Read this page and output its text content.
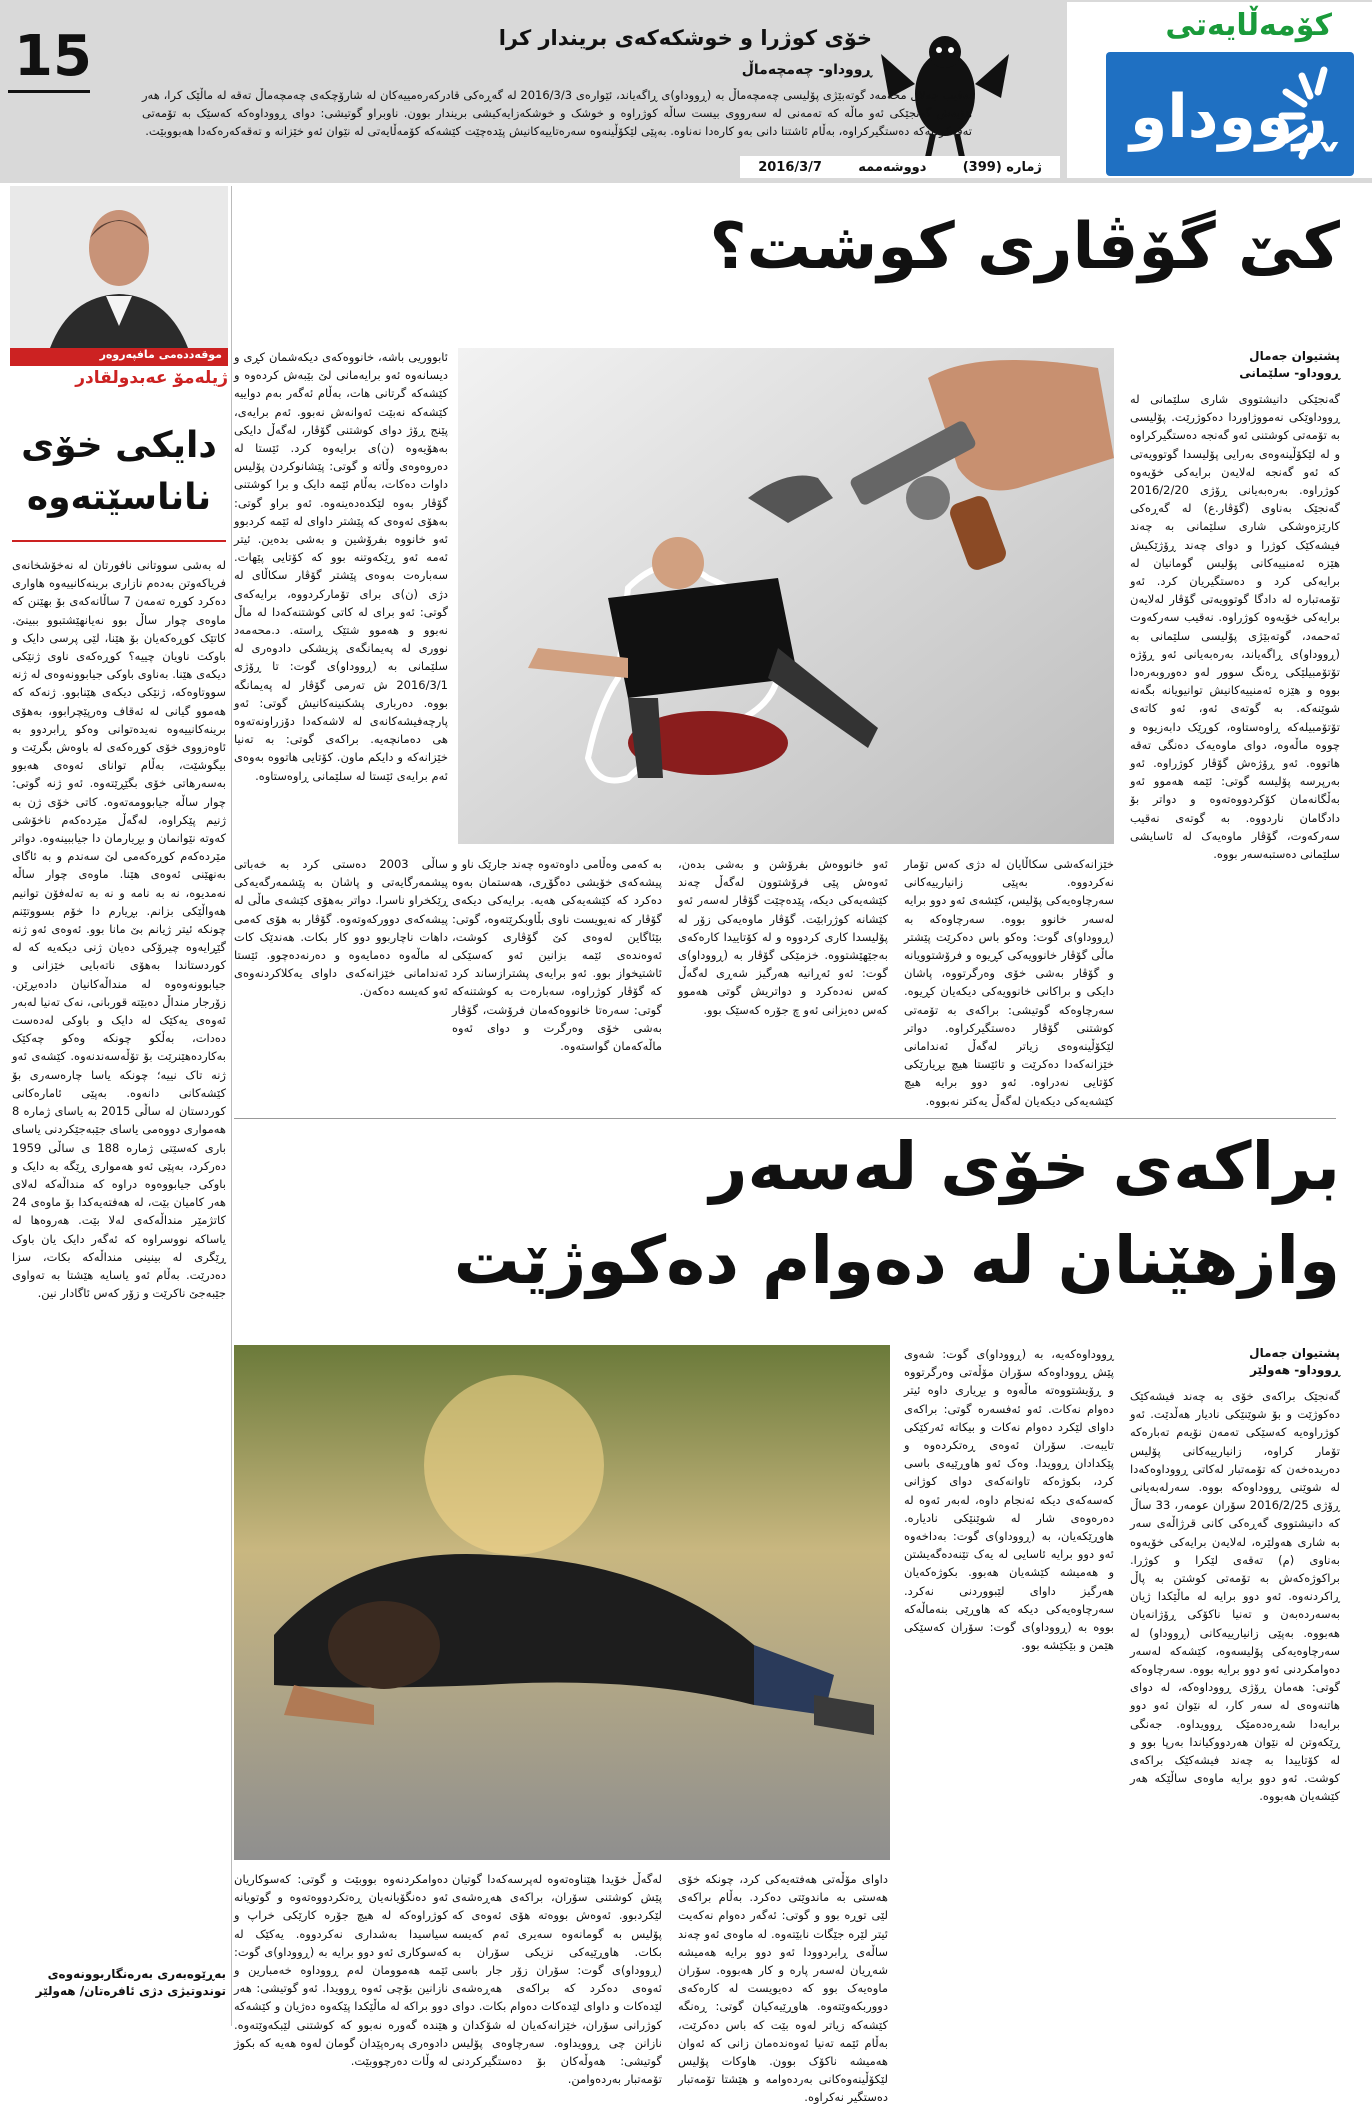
کۆمەڵایەتی
ڕووداو
15	خۆی کوژرا و خوشکەکەی بریندار کرا
ڕووداو- چەمچەماڵ
نەقیب جەلال محەمەد گوتەبێژی پۆلیسی چەمچەماڵ بە (ڕووداو)ی ڕاگەیاند، ئێوارەی 2016/3/3 لە گەڕەکی قادرکەرەمییەکان لە شارۆچکەی چەمچەماڵ تەقە لە ماڵێک کرا، هەر هۆیەش گەنجێکی ئەو ماڵە کە تەمەنی لە سەرووی بیست ساڵە کوژراوە و خوشک و خوشکەزایەکیشی بریندار بوون. ناوبراو گوتیشی: دوای ڕووداوەکە کەسێک بە تۆمەتی تەقەکردنەکە دەستگیرکراوە، بەڵام ئاشتنا دانی بەو کارەدا نەناوە. بەپێی لێکۆڵینەوە سەرەتاییەکانیش پێدەچێت کێشەکە کۆمەڵایەتی لە نێوان ئەو خێزانە و تەقەکەرەکەدا هەبووبێت.
ژمارە (399)
دووشەممە
2016/3/7
موقەددەمی مافپەروەر
ژیلەمۆ عەبدولقادر
دایکی خۆی ناناسێتەوە
لە بەشی سووتانی نافورتان لە نەخۆشخانەی فریاکەوتن بەدەم نازاری برینەکانییەوە هاواری دەکرد کوڕە تەمەن 7 ساڵانەکەی بۆ بهێنن کە ماوەی چوار ساڵ بوو نەیانهێشتبوو ببینێ. کاتێک کوڕەکەیان بۆ هێنا، لێی پرسی دایک و باوکت ناویان چییە؟ کوڕەکەی ناوی ژنێکی دیکەی هێنا. بەناوی باوکی جیابوونەوەی لە ژنە سووتاوەکە، ژنێکی دیکەی هێنابوو. ژنەکە کە هەموو گیانی لە ئەقاف وەرپێچرابوو، بەهۆی برینەکانییەوە نەیدەتوانی وەکو ڕابردوو بە ئاوەزووی خۆی کوڕەکەی لە باوەش بگرێت و بیگوشێت، بەڵام توانای ئەوەی هەبوو بەسەرهاتی خۆی بگێڕێتەوە. ئەو ژنە گوتی: چوار ساڵە جیابوومەتەوە. کاتی خۆی ژن بە ژنیم پێکراوە، لەگەڵ مێردەکەم ناخۆشی کەوتە نێوانمان و بڕیارمان دا جیاببینەوە. دواتر مێردەکەم کوڕەکەمی لێ سەندم و بە ئاگای بەنهێنی ئەوەی هێنا. ماوەی چوار ساڵە نەمدیوە، نە بە نامە و نە بە تەلەفۆن توانیم هەواڵێکی بزانم. بڕیارم دا خۆم بسووتێنم چونکە ئیتر ژیانم بێ مانا بوو. ئەوەی ئەو ژنە گێڕایەوە چیرۆکی دەیان ژنی دیکەیە کە لە کوردستاندا بەهۆی ناتەبایی خێزانی و جیابوونەوەوە لە منداڵەکانیان دادەبڕێن. زۆرجار منداڵ دەبێتە قوربانی، نەک تەنیا لەبەر ئەوەی یەکێک لە دایک و باوکی لەدەست دەدات، بەڵکو چونکە وەکو چەکێک بەکاردەهێنرێت بۆ تۆڵەسەندنەوە. کێشەی ئەو ژنە تاک نییە؛ چونکە یاسا چارەسەری بۆ کێشەکانی دانەوە. بەپێی ئامارەکانی کوردستان لە ساڵی 2015 بە یاسای ژمارە 8 هەمواری دووەمی یاسای جێبەجێکردنی یاسای باری کەسێتی ژمارە 188 ی ساڵی 1959 دەرکرد، بەپێی ئەو هەمواری ڕێگە بە دایک و باوکی جیابووەوە دراوە کە منداڵەکە لەلای هەر کامیان بێت، لە هەفتەیەکدا بۆ ماوەی 24 کاتژمێر منداڵەکەی لەلا بێت. هەروەها لە یاساکە نووسراوە کە ئەگەر دایک یان باوک ڕێگری لە بینینی منداڵەکە بکات، سزا دەدرێت. بەڵام ئەو یاسایە هێشتا بە تەواوی جێبەجێ ناکرێت و زۆر کەس ئاگادار نین.
بەڕێوەبەری بەرەنگاربوونەوەی توندوتیژی دژی ئافرەتان/ هەولێر
کێ گۆڤاری کوشت؟
پشتیوان جەمال
ڕووداو- سلێمانی
گەنجێکی دانیشتووی شاری سلێمانی لە ڕووداوێکی نەمووژاوردا دەکوژرێت. پۆلیسی بە تۆمەتی کوشتنی ئەو گەنجە دەستگیرکراوە و لە لێکۆڵینەوەی بەرایی پۆلیسدا گوتوویەتی کە ئەو گەنجە لەلایەن برایەکی خۆیەوە کوژراوە. بەرەبەیانی ڕۆژی 2016/2/20 گەنجێک بەناوی (گۆڤار.ع) لە گەڕەکی کارێزەوشکی شاری سلێمانی بە چەند فیشەکێک کوژرا و دوای چەند ڕۆژێکیش هێزە ئەمنییەکانی پۆلیس گومانیان لە برایەکی کرد و دەستگیریان کرد. ئەو تۆمەتبارە لە دادگا گوتوویەتی گۆڤار لەلایەن برایەکی خۆیەوە کوژراوە. نەقیب سەرکەوت ئەحمەد، گوتەبێژی پۆلیسی سلێمانی بە (ڕووداو)ی ڕاگەیاند، بەرەبەیانی ئەو ڕۆژە تۆتۆمبیلێکی ڕەنگ سوور لەو دەوروبەرەدا بووە و هێزە ئەمنییەکانیش توانیویانە بگەنە شوێنەکە. بە گوتەی ئەو، ئەو کاتەی تۆتۆمبیلەکە ڕاوەستاوە، کوڕێک دابەزیوە و چووە ماڵەوە، دوای ماوەیەک دەنگی تەقە هاتووە. ئەو ڕۆژەش گۆڤار کوژراوە. ئەو بەرپرسە پۆلیسە گوتی: ئێمە هەموو ئەو بەڵگانەمان کۆکردووەتەوە و دواتر بۆ دادگامان ناردووە. بە گوتەی نەقیب سەرکەوت، گۆڤار ماوەیەک لە ئاسایشی سلێمانی دەستبەسەر بووە.
خێزانەکەشی سکاڵایان لە دژی کەس تۆمار نەکردووە. بەپێی زانیارییەکانی سەرچاوەیەکی پۆلیس، کێشەی ئەو دوو برایە لەسەر خانوو بووە. سەرچاوەکە بە (ڕووداو)ی گوت: وەکو باس دەکرێت پێشتر ماڵی گۆڤار خانوویەکی کڕیوە و فرۆشتوویانە و گۆڤار بەشی خۆی وەرگرتووە، پاشان دایکی و براکانی خانوویەکی دیکەیان کڕیوە. سەرچاوەکە گوتیشی: براکەی بە تۆمەتی کوشتنی گۆڤار دەستگیرکراوە. دواتر لێکۆڵینەوەی زیاتر لەگەڵ ئەندامانی خێزانەکەدا دەکرێت و تائێستا هیچ بڕیارێکی کۆتایی نەدراوە. ئەو دوو برایە هیچ کێشەیەکی دیکەیان لەگەڵ یەکتر نەبووە.
ئەو خانووەش بفرۆشن و بەشی بدەن، ئەوەش پێی فرۆشتوون لەگەڵ چەند کێشەیەکی دیکە، پێدەچێت گۆڤار لەسەر ئەو کێشانە کوژرابێت. گۆڤار ماوەیەکی زۆر لە پۆلیسدا کاری کردووە و لە کۆتاییدا کارەکەی بەجێهێشتووە. خزمێکی گۆڤار بە (ڕووداو)ی گوت: ئەو ئەڕانیە هەرگیز شەڕی لەگەڵ کەس نەدەکرد و دواتریش گوتی هەموو کەس دەیزانی ئەو چ جۆرە کەسێک بوو.
بە کەمی وەڵامی داوەتەوە چەند جارێک ناو و پیشەکەی خۆیشی دەگۆڕی، هەستمان بەوە دەکرد کە کێشەیەکی هەیە. برایەکی دیکەی گۆڤار کە نەیویست ناوی بڵاوبکرێتەوە، گوتی: بێئاگاین لەوەی کێ گۆڤاری کوشت، ئەوەندەی ئێمە بزانین ئەو کەسێکی ئاشتیخواز بوو. ئەو برایەی پشترازساند کرد کە گۆڤار کوژراوە، سەبارەت بە کوشتنەکە گوتی: سەرەتا خانووەکەمان فرۆشت، گۆڤار بەشی خۆی وەرگرت و دوای ئەوە ماڵەکەمان گواستەوە.
ئابووریی باشە، خانووەکەی دیکەشمان کڕی و دیسانەوە ئەو برایەمانی لێ بێبەش کردەوە و کێشەکە گرتانی هات، بەڵام ئەگەر بەم دواییە کێشەکە نەبێت ئەوانەش نەبوو. ئەم برایەی، پێنج ڕۆژ دوای کوشتنی گۆڤار، لەگەڵ دایکی بەهۆیەوە (ن)ی برایەوە کرد. ئێستا لە دەروەوەی وڵاتە و گوتی: پێشانوکردن پۆلیس داوات دەکات، بەڵام ئێمە دایک و برا کوشتنی گۆڤار بەوە لێکدەدەینەوە. ئەو براو گوتی: بەهۆی ئەوەی کە پێشتر داوای لە ئێمە کردبوو ئەو خانووە بفرۆشین و بەشی بدەین. ئیتر ئەمە ئەو ڕێکەوتنە بوو کە کۆتایی پێهات. سەبارەت بەوەی پێشتر گۆڤار سکاڵای لە دژی (ن)ی برای تۆمارکردووە، برایەکەی گوتی: ئەو برای لە کاتی کوشتنەکەدا لە ماڵ نەبوو و هەموو شتێک ڕاستە. د.محەمەد نووری لە پەیمانگەی پزیشکی دادوەری لە سلێمانی بە (ڕووداو)ی گوت: تا ڕۆژی 2016/3/1 ش تەرمی گۆڤار لە پەیمانگە بووە. دەرباری پشکنینەکانیش گوتی: ئەو پارچەفیشەکانەی لە لاشەکەدا دۆزراونەتەوە هی دەمانچەیە. براکەی گوتی: بە تەنیا خێزانەکە و دایکم ماون. کۆتایی هاتووە بەوەی ئەم برایەی ئێستا لە سلێمانی ڕاوەستاوە.
ساڵی 2003 دەستی کرد بە خەباتی پیشمەرگایەتی و پاشان بە پێشمەرگەیەکی ڕێکخراو ناسرا. دواتر بەهۆی کێشەی ماڵی لە پیشەکەی دوورکەوتەوە. گۆڤار بە هۆی کەمی داهات ناچاربوو دوو کار بکات. هەندێک کات لە ماڵەوە دەمایەوە و دەرنەدەچوو. ئێستا ئەندامانی خێزانەکەی داوای یەکلاکردنەوەی ئەو کەیسە دەکەن.
براکەی خۆی لەسەر
وازهێنان لە دەوام دەکوژێت
پشتیوان جەمال
ڕووداو- هەولێر
گەنجێک براکەی خۆی بە چەند فیشەکێک دەکوژێت و بۆ شوێنێکی نادیار هەڵدێت. ئەو کوژراوەیە کەسێکی تەمەن نۆیەم تەبارەکە تۆمار کراوە، زانیارییەکانی پۆلیس دەریدەخەن کە تۆمەتبار لەکاتی ڕووداوەکەدا لە شوێنی ڕووداوەکە بووە. سەرلەبەیانی ڕۆژی 2016/2/25 سۆران عومەر، 33 ساڵ کە دانیشتووی گەڕەکی کانی قرژاڵەی سەر بە شاری هەولێرە، لەلایەن برایەکی خۆیەوە بەناوی (م) تەقەی لێکرا و کوژرا. براکوژەکەش بە تۆمەتی کوشتن بە پاڵ ڕاکردنەوە. ئەو دوو برایە لە ماڵێکدا ژیان بەسەردەبەن و تەنیا ناکۆکی ڕۆژانەیان هەبووە. بەپێی زانیارییەکانی (ڕووداو) لە سەرچاوەیەکی پۆلیسەوە، کێشەکە لەسەر دەوامکردنی ئەو دوو برایە بووە. سەرچاوەکە گوتی: هەمان ڕۆژی ڕووداوەکە، لە دوای هاتنەوەی لە سەر کار، لە نێوان ئەو دوو برایەدا شەڕەدەمێک ڕوویداوە. جەنگی ڕێکەوتن لە نێوان هەردووکیاندا بەرپا بوو و لە کۆتاییدا بە چەند فیشەکێک براکەی کوشت. ئەو دوو برایە ماوەی ساڵێکە هەر کێشەیان هەبووە.
ڕووداوەکەیە، بە (ڕووداو)ی گوت: شەوی پێش ڕووداوەکە سۆران مۆڵەتی وەرگرتووە و ڕۆیشتووەتە ماڵەوە و بڕیاری داوە ئیتر دەوام نەکات. ئەو ئەفسەرە گوتی: براکەی داوای لێکرد دەوام نەکات و بیکاتە ئەرکێکی تایبەت. سۆران ئەوەی ڕەتکردەوە و پێکدادان ڕوویدا. وەک ئەو هاوڕێیەی باسی کرد، بکوژەکە تاوانەکەی دوای کوژانی کەسەکەی دیکە ئەنجام داوە، لەبەر ئەوە لە دەرەوەی شار لە شوێنێکی نادیارە. هاوڕێکەیان، بە (ڕووداو)ی گوت: بەداخەوە ئەو دوو برایە ئاسایی لە یەک تێنەدەگەیشتن و هەمیشە کێشەیان هەبوو. بکوژەکەیان هەرگیز داوای لێبووردنی نەکرد. سەرچاوەیەکی دیکە کە هاوڕێی بنەماڵەکە بووە بە (ڕووداو)ی گوت: سۆران کەسێکی هێمن و بێکێشە بوو.
داوای مۆڵەتی هەفتەیەکی کرد، چونکە خۆی هەستی بە ماندوێتی دەکرد. بەڵام براکەی لێی توڕە بوو و گوتی: ئەگەر دەوام نەکەیت ئیتر لێرە جێگات نابێتەوە. لە ماوەی ئەو چەند ساڵەی ڕابردوودا ئەو دوو برایە هەمیشە شەڕیان لەسەر پارە و کار هەبووە. سۆران ماوەیەک بوو کە دەیویست لە کارەکەی دووربکەوێتەوە. هاوڕێیەکیان گوتی: ڕەنگە کێشەکە زیاتر لەوە بێت کە باس دەکرێت، بەڵام ئێمە تەنیا ئەوەندەمان زانی کە ئەوان هەمیشە ناکۆک بوون. هاوکات پۆلیس لێکۆڵینەوەکانی بەردەوامە و هێشتا تۆمەتبار دەستگیر نەکراوە.
لەگەڵ خۆیدا هێناوەتەوە لەپرسەکەدا گوتیان پێش کوشتنی سۆران، براکەی هەڕەشەی لێکردبوو. ئەوەش بووەتە هۆی ئەوەی کە پۆلیس بە گومانەوە سەیری ئەم کەیسە بکات. هاوڕێیەکی نزیکی سۆران بە (ڕووداو)ی گوت: سۆران زۆر جار باسی ئەوەی دەکرد کە براکەی هەڕەشەی لێدەکات و داوای لێدەکات دەوام بکات. دوای کوژرانی سۆران، خێزانەکەیان لە شۆکدان و نازانن چی ڕوویداوە. سەرچاوەی پۆلیس گوتیشی: هەوڵەکان بۆ دەستگیرکردنی تۆمەتبار بەردەوامن.
دەوامکردنەوە بووبێت و گوتی: کەسوکاریان ئەو دەنگۆیانەیان ڕەتکردووەتەوە و گوتویانە کوژراوەکە لە هیچ جۆرە کارێکی خراپ و سیاسیدا بەشداری نەکردووە. یەکێک لە کەسوکاری ئەو دوو برایە بە (ڕووداو)ی گوت: ئێمە هەموومان لەم ڕووداوە خەمبارین و نازانین بۆچی ئەوە ڕوویدا. ئەو گوتیشی: هەر دوو براکە لە ماڵێکدا پێکەوە دەژیان و کێشەکە هێندە گەورە نەبوو کە کوشتنی لێبکەوێتەوە. دادوەری پەرەپێدان گومان لەوە هەیە کە بکوژ لە وڵات دەرچووبێت.
